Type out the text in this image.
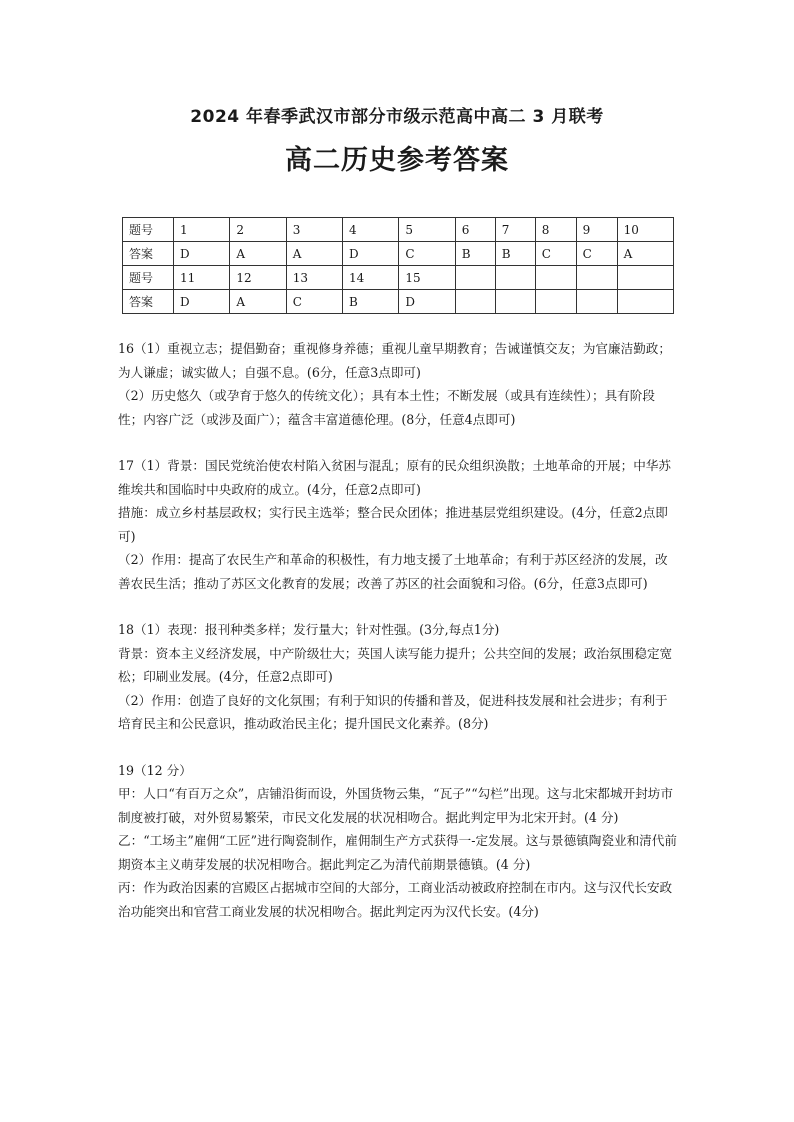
2024 年春季武汉市部分市级示范高中高二 3 月联考
高二历史参考答案
题号	1	2	3	4	5	6	7	8	9	10
答案	D	A	A	D	C	B	B	C	C	A
题号	11	12	13	14	15					
答案	D	A	C	B	D					

16（1）重视立志；提倡勤奋；重视修身养德；重视儿童早期教育；告诫谨慎交友；为官廉洁勤政；为人谦虚；诚实做人；自强不息。(6分，任意3点即可)

（2）历史悠久（或孕育于悠久的传统文化）；具有本土性；不断发展（或具有连续性）；具有阶段性；内容广泛（或涉及面广）；蕴含丰富道德伦理。(8分，任意4点即可)

17（1）背景：国民党统治使农村陷入贫困与混乱；原有的民众组织涣散；土地革命的开展；中华苏维埃共和国临时中央政府的成立。(4分，任意2点即可)

措施：成立乡村基层政权；实行民主选举；整合民众团体；推进基层党组织建设。(4分，任意2点即可)

（2）作用：提高了农民生产和革命的积极性，有力地支援了土地革命；有利于苏区经济的发展，改善农民生活；推动了苏区文化教育的发展；改善了苏区的社会面貌和习俗。(6分，任意3点即可)

18（1）表现：报刊种类多样；发行量大；针对性强。(3分,每点1分)

背景：资本主义经济发展，中产阶级壮大；英国人读写能力提升；公共空间的发展；政治氛围稳定宽松；印刷业发展。(4分，任意2点即可)

（2）作用：创造了良好的文化氛围；有利于知识的传播和普及，促进科技发展和社会进步；有利于培育民主和公民意识，推动政治民主化；提升国民文化素养。(8分)

19（12 分）

甲：人口“有百万之众”，店铺沿街而设，外国货物云集，“瓦子”“勾栏”出现。这与北宋都城开封坊市制度被打破，对外贸易繁荣，市民文化发展的状况相吻合。据此判定甲为北宋开封。(4 分)

乙：“工场主”雇佣“工匠”进行陶瓷制作，雇佣制生产方式获得一-定发展。这与景德镇陶瓷业和清代前期资本主义萌芽发展的状况相吻合。据此判定乙为清代前期景德镇。(4 分)

丙：作为政治因素的宫殿区占据城市空间的大部分，工商业活动被政府控制在市内。这与汉代长安政治功能突出和官营工商业发展的状况相吻合。据此判定丙为汉代长安。(4分)
